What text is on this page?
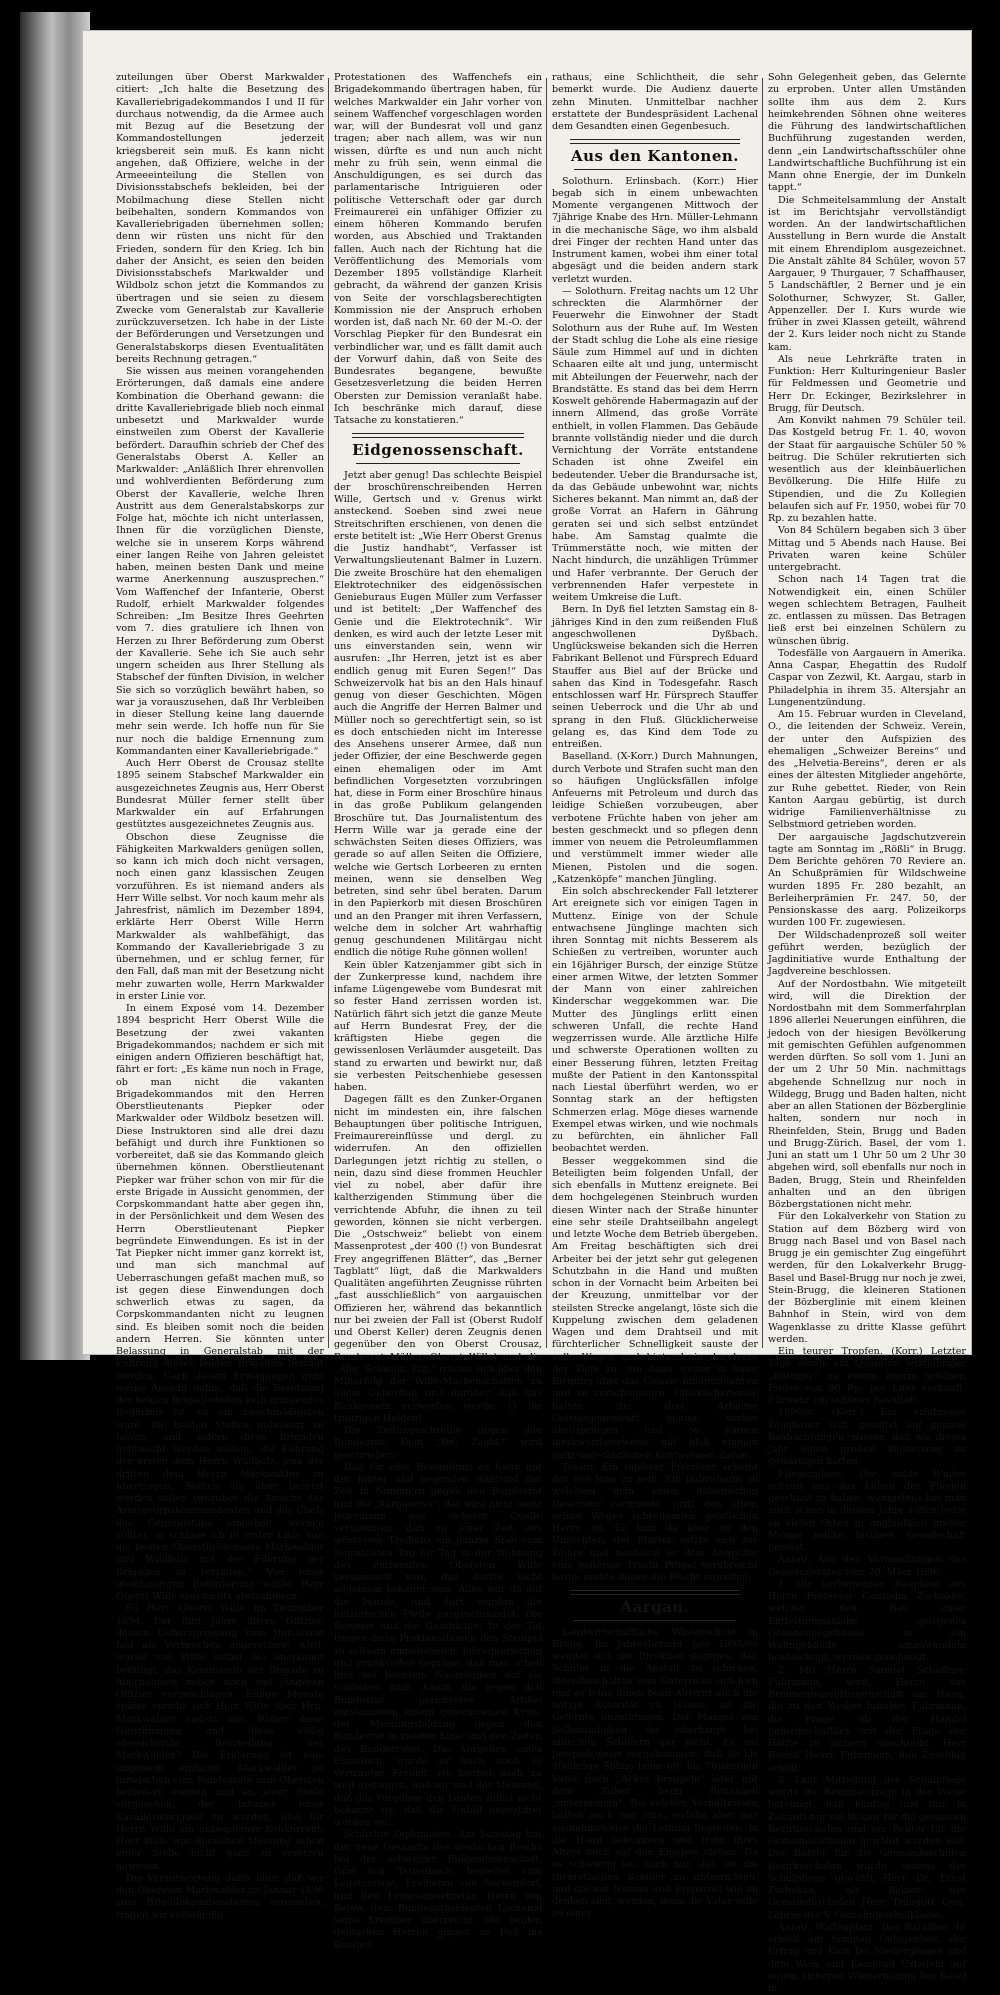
zuteilungen über Oberst Markwalder citiert: „Ich halte die Besetzung des Kavalleriebrigadekommandos I und II für durchaus notwendig, da die Armee auch mit Bezug auf die Besetzung der Kommandostellungen jederzeit kriegsbereit sein muß. Es kann nicht angehen, daß Offiziere, welche in der Armeeeinteilung die Stellen von Divisionsstabschefs bekleiden, bei der Mobilmachung diese Stellen nicht beibehalten, sondern Kommandos von Kavalleriebrigaden übernehmen sollen; denn wir rüsten uns nicht für den Frieden, sondern für den Krieg. Ich bin daher der Ansicht, es seien den beiden Divisionsstabschefs Markwalder und Wildbolz schon jetzt die Kommandos zu übertragen und sie seien zu diesem Zwecke vom Generalstab zur Kavallerie zurückzuversetzen. Ich habe in der Liste der Beförderungen und Versetzungen und Generalstabskorps diesen Eventualitäten bereits Rechnung getragen.“

Sie wissen aus meinen vorangehenden Erörterungen, daß damals eine andere Kombination die Oberhand gewann: die dritte Kavalleriebrigade blieb noch einmal unbesetzt und Markwalder wurde einstweilen zum Oberst der Kavallerie befördert. Daraufhin schrieb der Chef des Generalstabs Oberst A. Keller an Markwalder: „Anläßlich Ihrer ehrenvollen und wohlverdienten Beförderung zum Oberst der Kavallerie, welche Ihren Austritt aus dem Generalstabskorps zur Folge hat, möchte ich nicht unterlassen, Ihnen für die vorzüglichen Dienste, welche sie in unserem Korps während einer langen Reihe von Jahren geleistet haben, meinen besten Dank und meine warme Anerkennung auszusprechen.“ Vom Waffenchef der Infanterie, Oberst Rudolf, erhielt Markwalder folgendes Schreiben: „Im Besitze Ihres Geehrten vom 7. dies gratuliere ich Ihnen von Herzen zu Ihrer Beförderung zum Oberst der Kavallerie. Sehe ich Sie auch sehr ungern scheiden aus Ihrer Stellung als Stabschef der fünften Division, in welcher Sie sich so vorzüglich bewährt haben, so war ja vorauszusehen, daß Ihr Verbleiben in dieser Stellung keine lang dauernde mehr sein werde. Ich hoffe nun für Sie nur noch die baldige Ernennung zum Kommandanten einer Kavalleriebrigade.“

Auch Herr Oberst de Crousaz stellte 1895 seinem Stabschef Markwalder ein ausgezeichnetes Zeugnis aus, Herr Oberst Bundesrat Müller ferner stellt über Markwalder ein auf Erfahrungen gestütztes ausgezeichnetes Zeugnis aus.

Obschon diese Zeugnisse die Fähigkeiten Markwalders genügen sollen, so kann ich mich doch nicht versagen, noch einen ganz klassischen Zeugen vorzuführen. Es ist niemand anders als Herr Wille selbst. Vor noch kaum mehr als Jahresfrist, nämlich im Dezember 1894, erklärte Herr Oberst Wille Herrn Markwalder als wahlbefähigt, das Kommando der Kavalleriebrigade 3 zu übernehmen, und er schlug ferner, für den Fall, daß man mit der Besetzung nicht mehr zuwarten wolle, Herrn Markwalder in erster Linie vor.

In einem Exposé vom 14. Dezember 1894 bespricht Herr Oberst Wille die Besetzung der zwei vakanten Brigadekommandos; nachdem er sich mit einigen andern Offizieren beschäftigt hat, fährt er fort: „Es käme nun noch in Frage, ob man nicht die vakanten Brigadekommandos mit den Herren Oberstlieutenants Piepker oder Markwalder oder Wildbolz besetzen will. Diese Instruktoren sind alle drei dazu befähigt und durch ihre Funktionen so vorbereitet, daß sie das Kommando gleich übernehmen können. Oberstlieutenant Piepker war früher schon von mir für die erste Brigade in Aussicht genommen, der Corpskommandant hatte aber gegen ihn, in der Persönlichkeit und dem Wesen des Herrn Oberstlieutenant Piepker begründete Einwendungen. Es ist in der Tat Piepker nicht immer ganz korrekt ist, und man sich manchmal auf Ueberraschungen gefaßt machen muß, so ist gegen diese Einwendungen doch schwerlich etwas zu sagen, da Corpskommandanten nicht zu leugnen sind. Es bleiben somit noch die beiden andern Herren. Sie könnten unter Belassung in Generalstab mit der Führung dieser beiden Brigaden betraut werden. Nach diesen Erwägungen geht meine Ansicht dahin, daß die Besetzung der beiden Brigadestellen kein dringendes Bedürfnis ist, es am zweckmäßigsten wäre, die beiden Stellen unbesetzt zu lassen, und, sofern diese Brigaden gebraucht werden sollten, die Führung der ersten dem Herrn Wildbolz, jene der dritten dem Herrn Markwalder zu übertragen. Sollten sie aber besetzt werden sollen (worüber die Ansicht des Armeecorpskommandanten und des Chefs des Generalstabs eingeholt werden sollte), so schlage ich in erster Linie vor, die beiden Oberstlieutenants Markwalder und Wildbolz mit der Führung der Brigaden zu betrauen.“ Von einer gleichzeitigen Beförderung wollte Herr Oberst Wille also nichts abstrahieren.

So Herr Oberst Wille im Dezember 1894. Der fünf Jahre ältere Offizier, dessen Ueberspringung vom Bundesrat fast als Verbrechen angerechnet wird, wurde von Wille selber als anerkannt befähigt, das Kommando der Brigade zu übernehmen neben noch viel jüngeren Offizier vorgeschlagen. Einige Monate später spricht sich Herr Wille über Hrn. Markwalder anders aus. Woher diese Umstimmung und diese völlig abweichende Beurteilung des Markwalder? Die Erklärung ist eine ungemein einfache. Markwalder ist inzwischen vom Bundesrate zum Obersten befördert worden und an jener Stelle vorgesehen, der Inhaber einer Kavalleriebrigade zu werden, also für Herrn Wille ein unbequemer Konkurrent, Herr Wille war derselben Meinung schon einer Stelle nicht ganz zu ersetzen gewesen.

Die Verantwortung dafür aber, daß wir den Obersten Markwalder im Januar 1896 zum Brigadekommandanten ernannten, tragen wir vollständig.

Protestationen des Waffenchefs ein Brigadekommando übertragen haben, für welches Markwalder ein Jahr vorher von seinem Waffenchef vorgeschlagen worden war, will der Bundesrat voll und ganz tragen; aber nach allem, was wir nun wissen, dürfte es und nun auch nicht mehr zu früh sein, wenn einmal die Anschuldigungen, es sei durch das parlamentarische Intriguieren oder politische Vetterschaft oder gar durch Freimaurerei ein unfähiger Offizier zu einem höheren Kommando berufen worden, aus Abschied und Traktanden fallen. Auch nach der Richtung hat die Veröffentlichung des Memorials vom Dezember 1895 vollständige Klarheit gebracht, da während der ganzen Krisis von Seite der vorschlagsberechtigten Kommission nie der Anspruch erhoben worden ist, daß nach Nr. 60 der M.-O. der Vorschlag Piepker für den Bundesrat ein verbindlicher war, und es fällt damit auch der Vorwurf dahin, daß von Seite des Bundesrates begangene, bewußte Gesetzesverletzung die beiden Herren Obersten zur Demission veranlaßt habe. Ich beschränke mich darauf, diese Tatsache zu konstatieren.“

Eidgenossenschaft.

Jetzt aber genug! Das schlechte Beispiel der broschürenschreibenden Herren Wille, Gertsch und v. Grenus wirkt ansteckend. Soeben sind zwei neue Streitschriften erschienen, von denen die erste betitelt ist: „Wie Herr Oberst Grenus die Justiz handhabt“, Verfasser ist Verwaltungslieutenant Balmer in Luzern. Die zweite Broschüre hat den ehemaligen Elektrotechniker des eidgenössischen Genieburaus Eugen Müller zum Verfasser und ist betitelt: „Der Waffenchef des Genie und die Elektrotechnik“. Wir denken, es wird auch der letzte Leser mit uns einverstanden sein, wenn wir ausrufen: „Ihr Herren, jetzt ist es aber endlich genug mit Euren Segen!“ Das Schweizervolk hat bis an den Hals hinauf genug von dieser Geschichten. Mögen auch die Angriffe der Herren Balmer und Müller noch so gerechtfertigt sein, so ist es doch entschieden nicht im Interesse des Ansehens unserer Armee, daß nun jeder Offizier, der eine Beschwerde gegen einen ehemaligen oder im Amt befindlichen Vorgesetzten vorzubringen hat, diese in Form einer Broschüre hinaus in das große Publikum gelangenden Broschüre tut. Das Journalistentum des Herrn Wille war ja gerade eine der schwächsten Seiten dieses Offiziers, was gerade so auf allen Seiten die Offiziere, welche wie Gertsch Lorbeeren zu ernten meinen, wenn sie denselben Weg betreten, sind sehr übel beraten. Darum in den Papierkorb mit diesen Broschüren und an den Pranger mit ihren Verfassern, welche dem in solcher Art wahrhaftig genug geschundenen Militärgau nicht endlich die nötige Ruhe gönnen wollen!

Kein übler Katzenjammer gibt sich in der Zunkerpresse kund, nachdem ihre infame Lügengewebe vom Bundesrat mit so fester Hand zerrissen worden ist. Natürlich fährt sich jetzt die ganze Meute auf Herrn Bundesrat Frey, der die kräftigsten Hiebe gegen die gewissenlosen Verläumder ausgeteilt. Das stand zu erwarten und bewirkt nur, daß sie verbesten Peitschenhiebe gesessen haben.

Dagegen fällt es den Zunker-Organen nicht im mindesten ein, ihre falschen Behauptungen über politische Intriguen, Freimaurereinflüsse und dergl. zu widerrufen. An den offiziellen Darlegungen jetzt richtig zu stellen, o nein, dazu sind diese frommen Heuchler viel zu nobel, aber dafür ihre kaltherzigenden Stimmung über die verrichtende Abfuhr, die ihnen zu teil geworden, können sie nicht verbergen. Die „Ostschweiz“ beliebt von einem Massenprotest „der 400 (!) von Bundesrat Frey angegriffenen Blätter“, das „Berner Tagblatt“ lügt, daß die Markwalders Qualitäten angeführten Zeugnisse rührten „fast ausschließlich“ von aargauischen Offizieren her, während das bekanntlich nur bei zweien der Fall ist (Oberst Rudolf und Oberst Keller) deren Zeugnis denen gegenüber den von Oberst Crousaz, Bundesrat Müller, Oberst Wille) und die „Allg. Schweiz. Ztg.“ tröstet sich über den Mißerfolg der Wille-Machenschaften zu allem Ueberfluß und darüber, daß das Bankgesetz verworfen werde. O ihr traurigen Helden!

Die Zeitungsschreibe gegen den Bundesrat. Dem „Bd. Zagbl.“ wird geschrieben:

Daß für eine Bewandtnis es hatte mit der hinter und liegenden während der Zeit in Nummern gegen den Bundesrat und die „Aargauerei“, das wird nicht mehr jedermann aus sicherer Quelle vernommen, daß zu jener Zeit des wüstesten Treibens ein ganzer Stab vom Journalisten Tag für Tag in der Wohnung des entrannten Obersten Wille versammelt war, das dürfte nicht allgemein bekannt sein. Alles war da auf die Feinde, und dort wurden die hetzerischen Pfeile ausgeschmiedet. Die Beweise und die Geschichte. In der Tat trugen diese Proklamationen den Stempel so seltsam umnebelnden, lobrednerischen und prunkvollen Gepräge, daß man schon hier bei leichtem Nachdenken auf sie schließen muß. Kaum, die gegen den Bundesrat gerichteten Artikel entstammten einem gemeinsamen Kreis, der Meinungsbildung gegen den Bundesrat in zweiter Linie und den Zeiten des Bundesrates. Das Vorgehen eines Einzelnen, wurde er auch noch so vertrauter Freund, ist hierbei doch zu weit gegangen, und wir sind der Meinung, daß das Vorgehen den Leuten selbst nicht bekannt ist, daß die Unbill angestiftet worden sei.

Schlichte Diplomaten. Am Samstag hat der neue Gesandte des deutschen Reichs bei der schweizer Eidgenossenschaft, Graf von Tattenbach, begleitet vom Legationsrat, Freiherrn von Seckendorf, und den Legationssekretär, Herrn von Below, dem Bundespräsidenten Lachenal seine Kreditive überreicht. Die beiden deutschen Herren gingen zu Fuß ins Bundes-

rathaus, eine Schlichtheit, die sehr bemerkt wurde. Die Audienz dauerte zehn Minuten. Unmittelbar nachher erstattete der Bundespräsident Lachenal dem Gesandten einen Gegenbesuch.

Aus den Kantonen.

Solothurn. Erlinsbach. (Korr.) Hier begab sich in einem unbewachten Momente vergangenen Mittwoch der 7jährige Knabe des Hrn. Müller-Lehmann in die mechanische Säge, wo ihm alsbald drei Finger der rechten Hand unter das Instrument kamen, wobei ihm einer total abgesägt und die beiden andern stark verletzt wurden.

— Solothurn. Freitag nachts um 12 Uhr schreckten die Alarmhörner der Feuerwehr die Einwohner der Stadt Solothurn aus der Ruhe auf. Im Westen der Stadt schlug die Lohe als eine riesige Säule zum Himmel auf und in dichten Schaaren eilte alt und jung, untermischt mit Abteilungen der Feuerwehr, nach der Brandstätte. Es stand das bei dem Herrn Koswelt gehörende Habermagazin auf der innern Allmend, das große Vorräte enthielt, in vollen Flammen. Das Gebäude brannte vollständig nieder und die durch Vernichtung der Vorräte entstandene Schaden ist ohne Zweifel ein bedeutender. Ueber die Brandursache ist, da das Gebäude unbewohnt war, nichts Sicheres bekannt. Man nimmt an, daß der große Vorrat an Hafern in Gährung geraten sei und sich selbst entzündet habe. Am Samstag qualmte die Trümmerstätte noch, wie mitten der Nacht hindurch, die unzähligen Trümmer und Hafer verbrannte. Der Geruch der verbrennenden Hafer verpestete in weitem Umkreise die Luft.

Bern. In Dyß fiel letzten Samstag ein 8-jähriges Kind in den zum reißenden Fluß angeschwollenen Dyßbach. Unglücksweise bekanden sich die Herren Fabrikant Bellenot und Fürsprech Eduard Stauffer aus Biel auf der Brücke und sahen das Kind in Todesgefahr. Rasch entschlossen warf Hr. Fürsprech Stauffer seinen Ueberrock und die Uhr ab und sprang in den Fluß. Glücklicherweise gelang es, das Kind dem Tode zu entreißen.

Baselland. (X-Korr.) Durch Mahnungen, durch Verbote und Strafen sucht man den so häufigen Unglücksfällen infolge Anfeuerns mit Petroleum und durch das leidige Schießen vorzubeugen, aber verbotene Früchte haben von jeher am besten geschmeckt und so pflegen denn immer von neuem die Petroleumflammen und verstümmelt immer wieder alle Mienen, Pistolen und die sogen. „Katzenköpfe“ manchen Jüngling.

Ein solch abschreckender Fall letzterer Art ereignete sich vor einigen Tagen in Muttenz. Einige von der Schule entwachsene Jünglinge machten sich ihren Sonntag mit nichts Besserem als Schießen zu vertreiben, worunter auch ein 16jähriger Bursch, der einzige Stütze einer armen Witwe, der letzten Sommer der Mann von einer zahlreichen Kinderschar weggekommen war. Die Mutter des Jünglings erlitt einen schweren Unfall, die rechte Hand wegzerrissen wurde. Alle ärztliche Hilfe und schwerste Operationen wollten zu einer Besserung führen, letzten Freitag mußte der Patient in den Kantonsspital nach Liestal überführt werden, wo er Sonntag stark an der heftigsten Schmerzen erlag. Möge dieses warnende Exempel etwas wirken, und wie nochmals zu befürchten, ein ähnlicher Fall beobachtet werden.

Besser weggekommen sind die Beteiligten beim folgenden Unfall, der sich ebenfalls in Muttenz ereignete. Bei dem hochgelegenen Steinbruch wurden diesen Winter nach der Straße hinunter eine sehr steile Drahtseilbahn angelegt und letzte Woche dem Betrieb übergeben. Am Freitag beschäftigten sich drei Arbeiter bei der jetzt sehr gut gelegenen Schutzbahn in die Hand und mußten schon in der Vornacht beim Arbeiten bei der Kreuzung, unmittelbar vor der steilsten Strecke angelangt, löste sich die Kuppelung zwischen dem geladenen Wagen und dem Drahtseil und mit fürchterlicher Schnelligkeit sauste der volle Wagen und hintendrein der leere der Tiefe zu, um dann weiter in einer Biegung über das Geleise hinauszufahren und zu zerschmettern. Glücklicherweise hatten die drei Arbeiter Geistesgegenwart genug, vorher abzuspringen und so kamen merkwürdigerweise mit bloß einigen ganz ungefährlichen Kontusionen davon.

Tessin. Ein tapferer Pfarrherr scheint der von Jone zu sein. Ein Individuum, in welchem man einen italienischen Deserteur vermutete, griff den allein seines Weges schreitenden geistlichen Herrn an. Er kam da aber an den Unrechten; der Pfarrer setzte sich zur Wehre und nachdem er dem Angreifer eine gehörige Tracht Prügel verabreicht hatte, mußte dieser die Flucht ergreifen.

Aargau.

Landwirtschaftliche Winterschule in Brugg. Im Jahresbericht pro 1895/96 wendet sich die Direktion dagegen, daß Schüler in die Anstalt zu schicken, dieselben halten vom Unterricht sich fern und es fehle ihnen beim Austritt auch die nötige Autorität zu Hause, an die Gelernte anzubringen. Der Mangel von Selbständigkeit sei überhaupt bei manchen Schülern gar nicht. Es sei beispielsweise vorgekommen, daß 30 bis 40jährige Söhne beim 60- bis 70jährigen Vater noch „Acker bryggeln“ oder mit dem Zuber beim Ronnsäen „unterordnen“. Bei solchen Verhältnissen hätten auch nur jene, welche aber nur ausnahmsweise die Leitung begreifen, in die Hand bekommen und trotz ihres Alters noch auf den Eigenen stehen. Da es schwierig ist, auch nur, daß sie die theoretischen Schüler zu unterrichten, und die mit Nutzen und Ersparnis wie zu denken sind, werden, denn die Vater solle zu einer

Sohn Gelegenheit geben, das Gelernte zu erproben. Unter allen Umständen sollte ihm aus dem 2. Kurs heimkehrenden Söhnen ohne weiteres die Führung des landwirtschaftlichen Buchführung zugestanden werden, denn „ein Landwirtschaftsschüler ohne Landwirtschaftliche Buchführung ist ein Mann ohne Energie, der im Dunkeln tappt.“

Die Schmeitelsammlung der Anstalt ist im Berichtsjahr vervollständigt worden. An der landwirtschaftlichen Ausstellung in Bern wurde die Anstalt mit einem Ehrendiplom ausgezeichnet. Die Anstalt zählte 84 Schüler, wovon 57 Aargauer, 9 Thurgauer, 7 Schaffhauser, 5 Landschäftler, 2 Berner und je ein Solothurner, Schwyzer, St. Galler, Appenzeller. Der I. Kurs wurde wie früher in zwei Klassen geteilt, während der 2. Kurs leider noch nicht zu Stande kam.

Als neue Lehrkräfte traten in Funktion: Herr Kulturingenieur Basler für Feldmessen und Geometrie und Herr Dr. Eckinger, Bezirkslehrer in Brugg, für Deutsch.

Am Konvikt nahmen 79 Schüler teil. Das Kostgeld betrug Fr. 1. 40, wovon der Staat für aargauische Schüler 50 % beitrug. Die Schüler rekrutierten sich wesentlich aus der kleinbäuerlichen Bevölkerung. Die Hilfe Hilfe zu Stipendien, und die Zu Kollegien belaufen sich auf Fr. 1950, wobei für 70 Rp. zu bezahlen hatte.

Von 84 Schülern begaben sich 3 über Mittag und 5 Abends nach Hause. Bei Privaten waren keine Schüler untergebracht.

Schon nach 14 Tagen trat die Notwendigkeit ein, einen Schüler wegen schlechtem Betragen, Faulheit zc. entlassen zu müssen. Das Betragen ließ erst bei einzelnen Schülern zu wünschen übrig.

Todesfälle von Aargauern in Amerika. Anna Caspar, Ehegattin des Rudolf Caspar von Zezwil, Kt. Aargau, starb in Philadelphia in ihrem 35. Altersjahr an Lungenentzündung.

Am 15. Februar wurden in Cleveland, O., die leitenden der Schweiz. Verein, der unter den Aufspizien des ehemaligen „Schweizer Bereins“ und des „Helvetia-Bereins“, deren er als eines der ältesten Mitglieder angehörte, zur Ruhe gebettet. Rieder, von Rein Kanton Aargau gebürtig, ist durch widrige Familienverhältnisse zu Selbstmord getrieben worden.

Der aargauische Jagdschutzverein tagte am Sonntag im „Rößli“ in Brugg. Dem Berichte gehören 70 Reviere an. An Schußprämien für Wildschweine wurden 1895 Fr. 280 bezahlt, an Berleiherprämien Fr. 247. 50, der Pensionskasse des aarg. Polizeikorps wurden 100 Fr. zugewiesen.

Der Wildschadenprozeß soll weiter geführt werden, bezüglich der Jagdinitiative wurde Enthaltung der Jagdvereine beschlossen.

Auf der Nordostbahn. Wie mitgeteilt wird, will die Direktion der Nordostbahn mit dem Sommerfahrplan 1896 allerlei Neuerungen einführen, die jedoch von der hiesigen Bevölkerung mit gemischten Gefühlen aufgenommen werden dürften. So soll vom 1. Juni an der um 2 Uhr 50 Min. nachmittags abgehende Schnellzug nur noch in Wildegg, Brugg und Baden halten, nicht aber an allen Stationen der Bözberglinie halten, sondern nur noch in Rheinfelden, Stein, Brugg und Baden und Brugg-Zürich. Basel, der vom 1. Juni an statt um 1 Uhr 50 um 2 Uhr 30 abgehen wird, soll ebenfalls nur noch in Baden, Brugg, Stein und Rheinfelden anhalten und an den übrigen Bözbergstationen nicht mehr.

Für den Lokalverkehr von Station zu Station auf dem Bözberg wird von Brugg nach Basel und von Basel nach Brugg je ein gemischter Zug eingeführt werden, für den Lokalverkehr Brugg-Basel und Basel-Brugg nur noch je zwei, Stein-Brugg, die kleineren Stationen der Bözberglinie mit einem kleinen Bahnhof in Stein, wird von dem Wagenklasse zu dritte Klasse geführt werden.

Ein teurer Tropfen. (Korr.) Letzter Tage wurde ein Quantum letztjähriger „Rüttiger“ zu einem enorm schönen Preise von 90 Rp. per Liter verkauft. Fürwahr ein schönes Resultat!

1896er. (Korr.) Ein erfahrener Weinbauer will, gestützt auf genaue Beobachtungen, wissen, daß wir dieses Jahr einen großen Weinertrag zu gewärtigen hätten.

Fliegenplage. Der milde Winter scheint uns das Leben der Fliegen geschont zu haben; wenigstens hat man auch schon in diesem Jahre selten jeder an vielen Orten in unglaublich großer Menge solche lästigen Gesellschaft gezeigt.

Aarau. Aus den Verhandlungen des Gemeinderates vom 20. März 1896.

1. Die vorliegenden Baupläne des Herrn Professor Conradin Zschokke, welcher den Bau einer Entfettungsanlage gelegenes Oekonomiegebäude in ein Wohngebäude umzuwandeln beabsichtigt, werden genehmigt.

2. Mit Herrn Samuel Schaffner, Fuhrmann, wird, Herrn das Brunnenwasserliegenschaft am Hang, die zu den Weiher hinüber, Fuhrmann, die Frage, ob der Handel gemeinschaftlich mit der Frage der Hälfte zu sichern abschreibt. Herr Rudolf Hauri, Fuhrmann, den Zuschlag erteilt.

3. Laut Mitteilung der Schulpflege wurde die Rektoratsfrage in der Weise bereinigt, daß künftig und nur in Zukunft nur ein Rektor für die gesamten Bezirksschulen und ein Rektor für die Gemeindeschulen gewählt werden soll. Der Rektor für die Gemeindeschulen Bezirksschulen wurde seitens der Schulpflege gewählt Herr Dr. Ernst Zschokke, als Rektor der Gemeindeschulen Herr Traugott Gysi, Lehrer der V. Gemeindeschulklasse.

Aarau. Waffenplatz. Das Bataillon 46 erhielt am Sonntag Gelegenheit, der Erfrag und Kurs bei Niedergösgen und dem Wein und Kamerad Urbefehl auf einem sicheren Wiederholung bei Basel in
